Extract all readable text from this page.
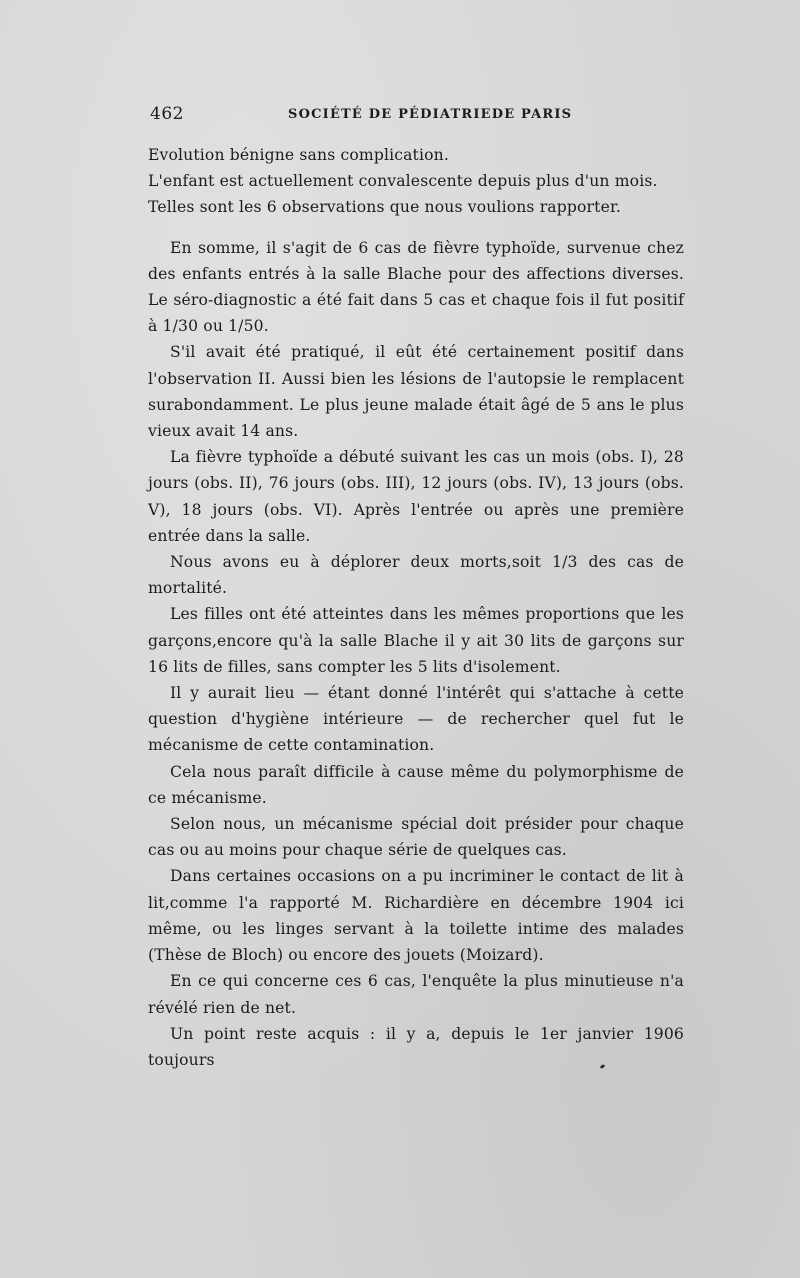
462	SOCIÉTÉ DE PÉDIATRIEDE PARIS

Evolution bénigne sans complication.

L'enfant est actuellement convalescente depuis plus d'un mois.

Telles sont les 6 observations que nous voulions rapporter.

En somme, il s'agit de 6 cas de fièvre typhoïde, survenue chez des enfants entrés à la salle Blache pour des affections diverses. Le séro-diagnostic a été fait dans 5 cas et chaque fois il fut positif à 1/30 ou 1/50.

S'il avait été pratiqué, il eût été certainement positif dans l'observation II. Aussi bien les lésions de l'autopsie le remplacent surabondamment. Le plus jeune malade était âgé de 5 ans le plus vieux avait 14 ans.

La fièvre typhoïde a débuté suivant les cas un mois (obs. I), 28 jours (obs. II), 76 jours (obs. III), 12 jours (obs. IV), 13 jours (obs. V), 18 jours (obs. VI). Après l'entrée ou après une première entrée dans la salle.

Nous avons eu à déplorer deux morts,soit 1/3 des cas de mortalité.

Les filles ont été atteintes dans les mêmes proportions que les garçons,encore qu'à la salle Blache il y ait 30 lits de garçons sur 16 lits de filles, sans compter les 5 lits d'isolement.

Il y aurait lieu — étant donné l'intérêt qui s'attache à cette question d'hygiène intérieure — de rechercher quel fut le mécanisme de cette contamination.

Cela nous paraît difficile à cause même du polymorphisme de ce mécanisme.

Selon nous, un mécanisme spécial doit présider pour chaque cas ou au moins pour chaque série de quelques cas.

Dans certaines occasions on a pu incriminer le contact de lit à lit,comme l'a rapporté M. Richardière en décembre 1904 ici même, ou les linges servant à la toilette intime des malades (Thèse de Bloch) ou encore des jouets (Moizard).

En ce qui concerne ces 6 cas, l'enquête la plus minutieuse n'a révélé rien de net.

Un point reste acquis : il y a, depuis le 1er janvier 1906 toujours
